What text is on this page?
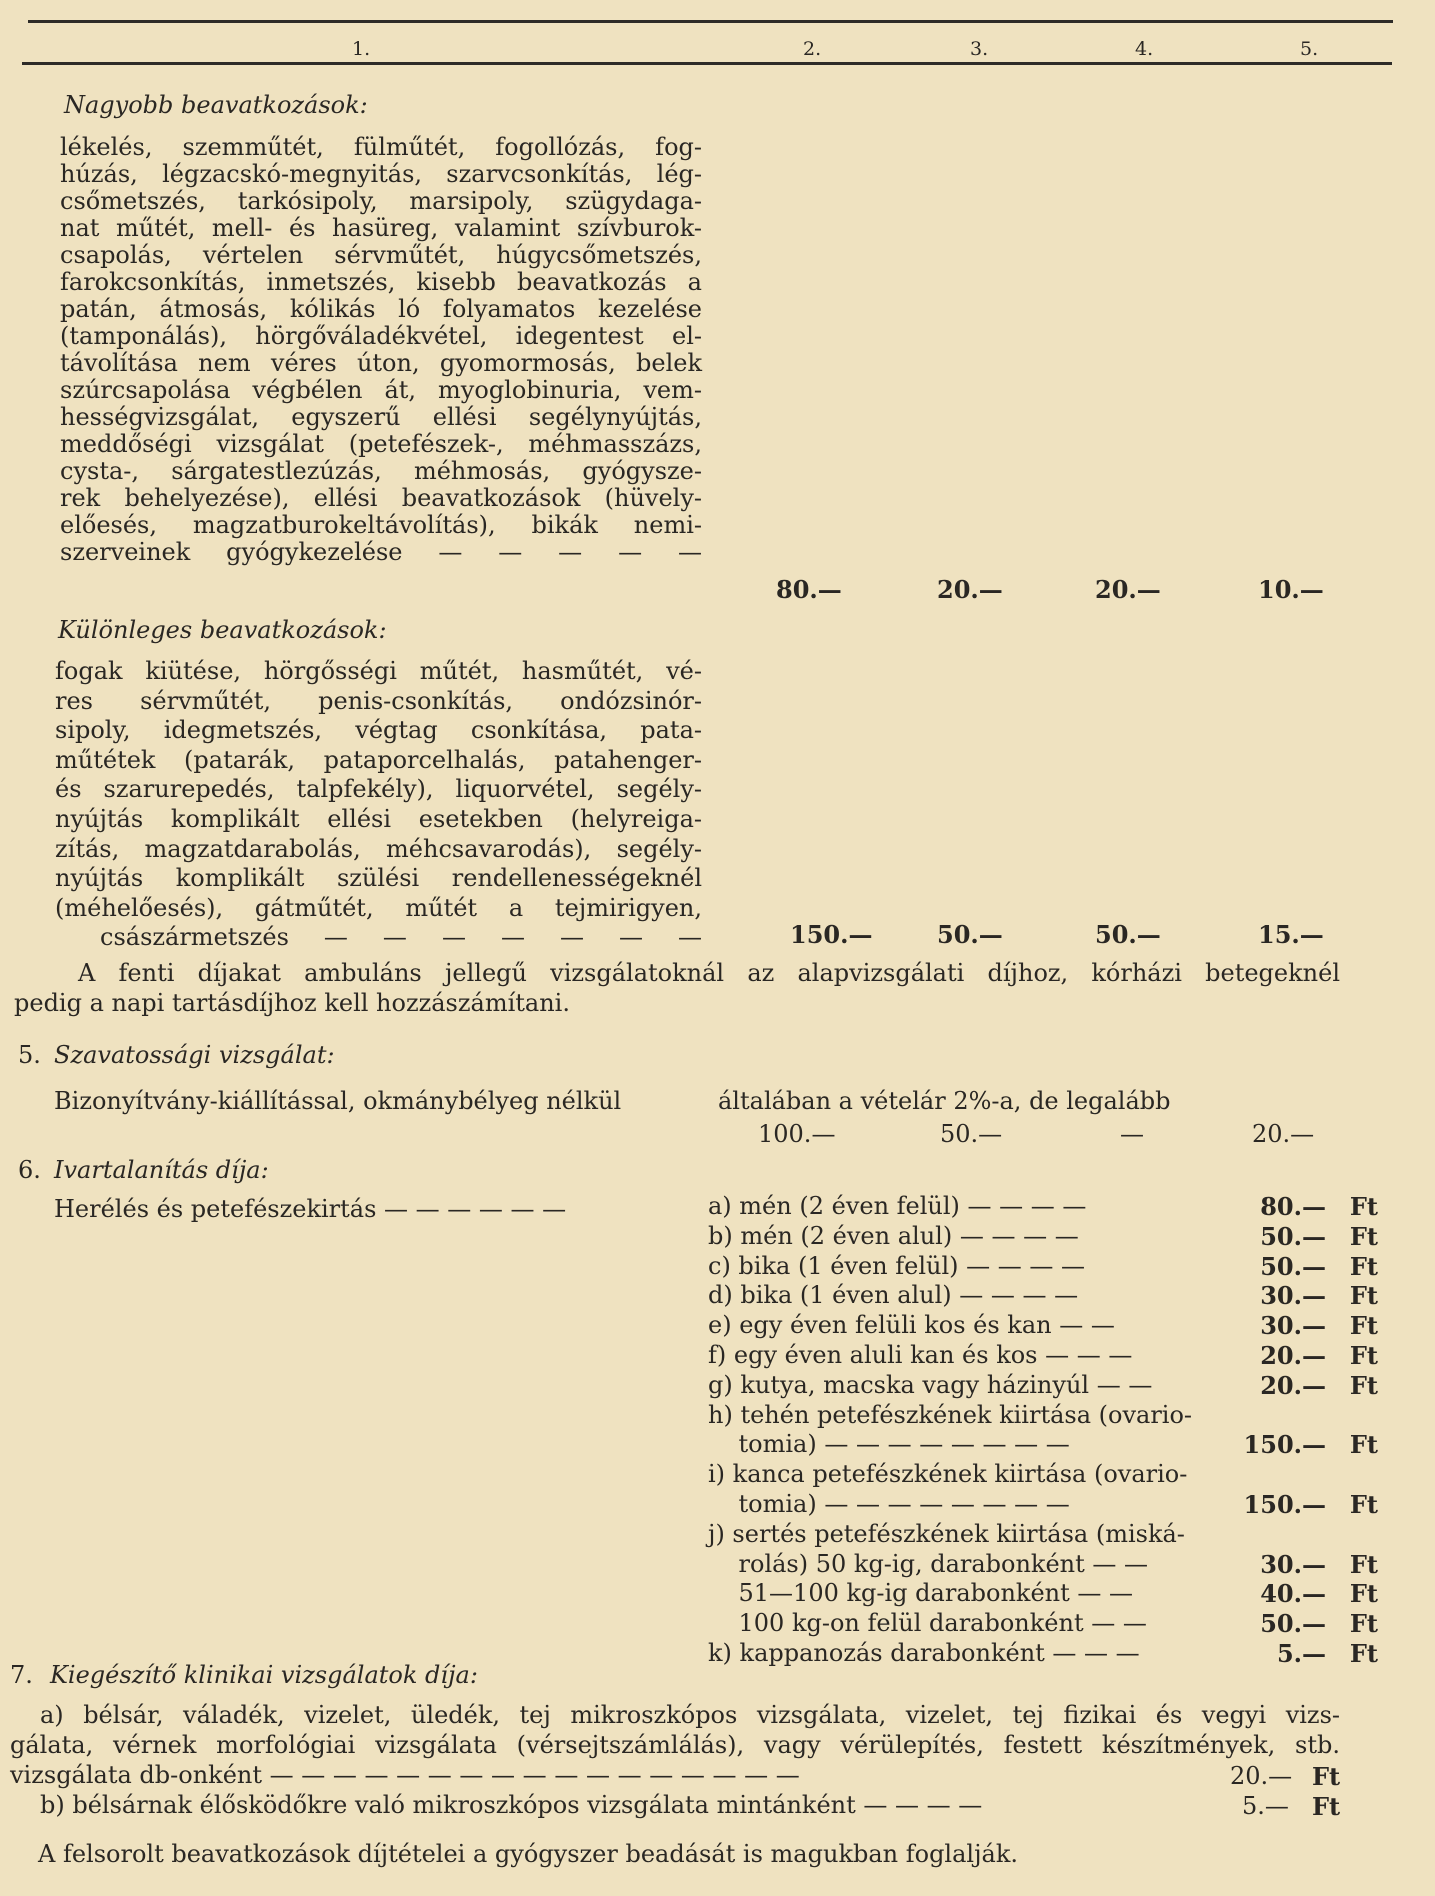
1.	2.	3.	4.	5.
Nagyobb beavatkozások:
lékelés, szemműtét, fülműtét, fogollózás, fog-
húzás, légzacskó-megnyitás, szarvcsonkítás, lég-
csőmetszés, tarkósipoly, marsipoly, szügydaga-
nat műtét, mell- és hasüreg, valamint szívburok-
csapolás, vértelen sérvműtét, húgycsőmetszés,
farokcsonkítás, inmetszés, kisebb beavatkozás a
patán, átmosás, kólikás ló folyamatos kezelése
(tamponálás), hörgőváladékvétel, idegentest el-
távolítása nem véres úton, gyomormosás, belek
szúrcsapolása végbélen át, myoglobinuria, vem-
hességvizsgálat, egyszerű ellési segélynyújtás,
meddőségi vizsgálat (petefészek-, méhmasszázs,
cysta-, sárgatestlezúzás, méhmosás, gyógysze-
rek behelyezése), ellési beavatkozások (hüvely-
előesés, magzatburokeltávolítás), bikák nemi-
szerveinek gyógykezelése — — — — —
80.—	20.—	20.—	10.—
Különleges beavatkozások:
fogak kiütése, hörgősségi műtét, hasműtét, vé-
res sérvműtét, penis-csonkítás, ondózsinór-
sipoly, idegmetszés, végtag csonkítása, pata-
műtétek (patarák, pataporcelhalás, patahenger-
és szarurepedés, talpfekély), liquorvétel, segély-
nyújtás komplikált ellési esetekben (helyreiga-
zítás, magzatdarabolás, méhcsavarodás), segély-
nyújtás komplikált szülési rendellenességeknél
(méhelőesés), gátműtét, műtét a tejmirigyen,
császármetszés — — — — — — —	150.—	50.—	50.—	15.—
A fenti díjakat ambuláns jellegű vizsgálatoknál az alapvizsgálati díjhoz, kórházi betegeknél
pedig a napi tartásdíjhoz kell hozzászámítani.
5. Szavatossági vizsgálat:
Bizonyítvány-kiállítással, okmánybélyeg nélkül	általában a vételár 2%-a, de legalább
100.—	50.—	—	20.—
6. Ivartalanítás díja:
Herélés és petefészekirtás — — — — — —	a) mén (2 éven felül) — — — —	80.— Ft
b) mén (2 éven alul) — — — —	50.— Ft
c) bika (1 éven felül) — — — —	50.— Ft
d) bika (1 éven alul) — — — —	30.— Ft
e) egy éven felüli kos és kan — —	30.— Ft
f) egy éven aluli kan és kos — — —	20.— Ft
g) kutya, macska vagy házinyúl — —	20.— Ft
h) tehén petefészkének kiirtása (ovario-
tomia) — — — — — — — —	150.— Ft
i) kanca petefészkének kiirtása (ovario-
tomia) — — — — — — — —	150.— Ft
j) sertés petefészkének kiirtása (miská-
rolás) 50 kg-ig, darabonként — —	30.— Ft
51—100 kg-ig darabonként — —	40.— Ft
100 kg-on felül darabonként — —	50.— Ft
k) kappanozás darabonként — — —	5.— Ft
7. Kiegészítő klinikai vizsgálatok díja:
a) bélsár, váladék, vizelet, üledék, tej mikroszkópos vizsgálata, vizelet, tej fizikai és vegyi vizs-
gálata, vérnek morfológiai vizsgálata (vérsejtszámlálás), vagy vérülepítés, festett készítmények, stb.
vizsgálata db-onként — — — — — — — — — — — — — — — — —	20.— Ft
b) bélsárnak élősködőkre való mikroszkópos vizsgálata mintánként — — — —	5.— Ft
A felsorolt beavatkozások díjtételei a gyógyszer beadását is magukban foglalják.
